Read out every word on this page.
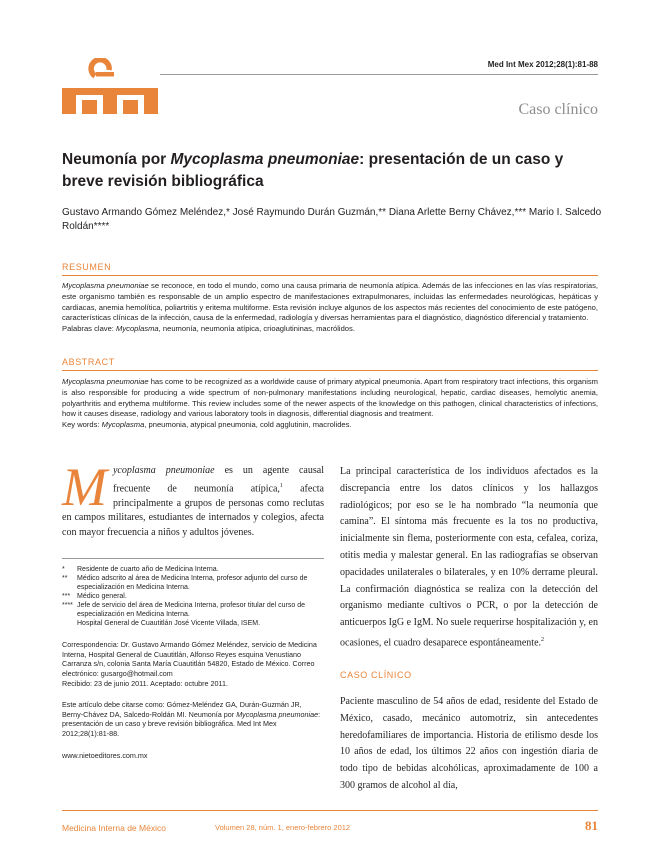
Med Int Mex 2012;28(1):81-88
Caso clínico
Neumonía por Mycoplasma pneumoniae: presentación de un caso y breve revisión bibliográfica
Gustavo Armando Gómez Meléndez,* José Raymundo Durán Guzmán,** Diana Arlette Berny Chávez,*** Mario I. Salcedo Roldán****
RESUMEN
Mycoplasma pneumoniae se reconoce, en todo el mundo, como una causa primaria de neumonía atípica. Además de las infecciones en las vías respiratorias, este organismo también es responsable de un amplio espectro de manifestaciones extrapulmonares, incluidas las enfermedades neurológicas, hepáticas y cardiacas, anemia hemolítica, poliartritis y eritema multiforme. Esta revisión incluye algunos de los aspectos más recientes del conocimiento de este patógeno, características clínicas de la infección, causa de la enfermedad, radiología y diversas herramientas para el diagnóstico, diagnóstico diferencial y tratamiento.
Palabras clave: Mycoplasma, neumonía, neumonía atípica, crioaglutininas, macrólidos.
ABSTRACT
Mycoplasma pneumoniae has come to be recognized as a worldwide cause of primary atypical pneumonia. Apart from respiratory tract infections, this organism is also responsible for producing a wide spectrum of non-pulmonary manifestations including neurological, hepatic, cardiac diseases, hemolytic anemia, polyarthritis and erythema multiforme. This review includes some of the newer aspects of the knowledge on this pathogen, clinical characteristics of infections, how it causes disease, radiology and various laboratory tools in diagnosis, differential diagnosis and treatment.
Key words: Mycoplasma, pneumonia, atypical pneumonia, cold agglutinin, macrolides.
Mycoplasma pneumoniae es un agente causal frecuente de neumonía atípica,$^1$ afecta principalmente a grupos de personas como reclutas en campos militares, estudiantes de internados y colegios, afecta con mayor frecuencia a niños y adultos jóvenes.
*	Residente de cuarto año de Medicina Interna.
**	Médico adscrito al área de Medicina Interna, profesor adjunto del curso de especialización en Medicina Interna.
*** Médico general.
**** Jefe de servicio del área de Medicina Interna, profesor titular del curso de especialización en Medicina Interna.
Hospital General de Cuautitlán José Vicente Villada, ISEM.
Correspondencia: Dr. Gustavo Armando Gómez Meléndez, servicio de Medicina Interna, Hospital General de Cuautitlán, Alfonso Reyes esquina Venustiano Carranza s/n, colonia Santa María Cuautitlán 54820, Estado de México. Correo electrónico: gusargo@hotmail.com
Recibido: 23 de junio 2011. Aceptado: octubre 2011.
Este artículo debe citarse como: Gómez-Meléndez GA, Durán-Guzmán JR, Berny-Chávez DA, Salcedo-Roldán MI. Neumonía por Mycoplasma pneumoniae: presentación de un caso y breve revisión bibliográfica. Med Int Mex 2012;28(1):81-88.
www.nietoeditores.com.mx
La principal característica de los individuos afectados es la discrepancia entre los datos clínicos y los hallazgos radiológicos; por eso se le ha nombrado “la neumonía que camina”. El síntoma más frecuente es la tos no productiva, inicialmente sin flema, posteriormente con esta, cefalea, coriza, otitis media y malestar general. En las radiografías se observan opacidades unilaterales o bilaterales, y en 10% derrame pleural. La confirmación diagnóstica se realiza con la detección del organismo mediante cultivos o PCR, o por la detección de anticuerpos IgG e IgM. No suele requerirse hospitalización y, en ocasiones, el cuadro desaparece espontáneamente.$^2$
CASO CLÍNICO
Paciente masculino de 54 años de edad, residente del Estado de México, casado, mecánico automotriz, sin antecedentes heredofamiliares de importancia. Historia de etilismo desde los 10 años de edad, los últimos 22 años con ingestión diaria de todo tipo de bebidas alcohólicas, aproximadamente de 100 a 300 gramos de alcohol al día,
Medicina Interna de México	Volumen 28, núm. 1, enero-febrero 2012	81
